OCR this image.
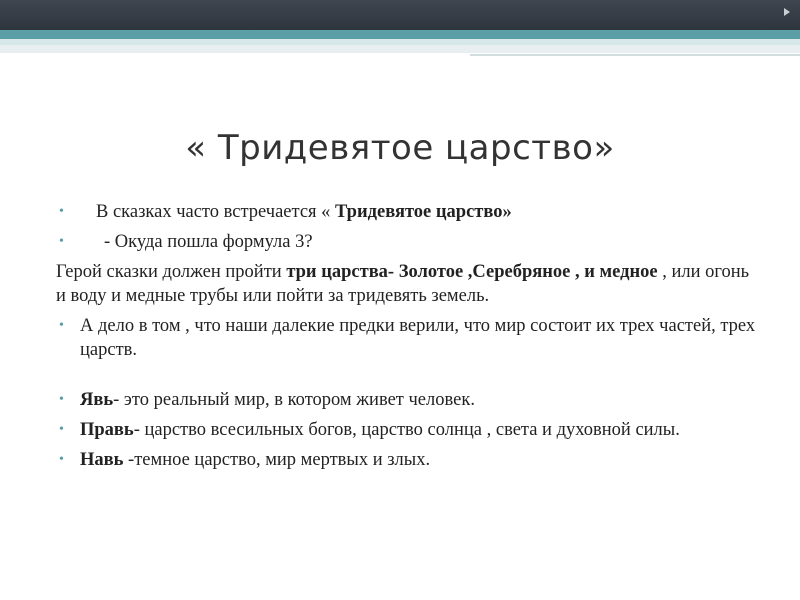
« Тридевятое царство»

• В сказках часто встречается « Тридевятое царство»

• - Окуда пошла формула 3?

Герой сказки должен пройти три царства- Золотое ,Серебряное , и медное , или огонь и воду и медные трубы или пойти за тридевять земель.

• А дело в том , что наши далекие предки верили, что мир состоит их трех частей, трех царств.

• Явь- это реальный мир, в котором живет человек.

• Правь- царство всесильных богов, царство солнца , света и духовной силы.

• Навь -темное царство, мир мертвых и злых.
